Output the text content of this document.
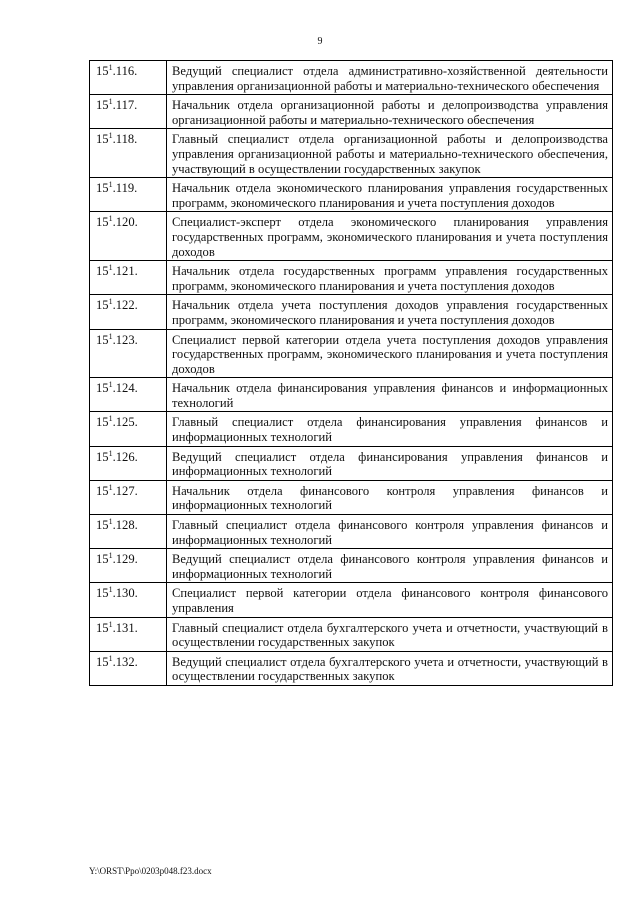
9
$15^1.116$.	Ведущий специалист отдела административно-хозяйственной деятельности управления организационной работы и материально-технического обеспечения
$15^1.117$.	Начальник отдела организационной работы и делопроизводства управления организационной работы и материально-технического обеспечения
$15^1.118$.	Главный специалист отдела организационной работы и делопроизводства управления организационной работы и материально-технического обеспечения, участвующий в осуществлении государственных закупок
$15^1.119$.	Начальник отдела экономического планирования управления государственных программ, экономического планирования и учета поступления доходов
$15^1.120$.	Специалист-эксперт отдела экономического планирования управления государственных программ, экономического планирования и учета поступления доходов
$15^1.121$.	Начальник отдела государственных программ управления государственных программ, экономического планирования и учета поступления доходов
$15^1.122$.	Начальник отдела учета поступления доходов управления государственных программ, экономического планирования и учета поступления доходов
$15^1.123$.	Специалист первой категории отдела учета поступления доходов управления государственных программ, экономического планирования и учета поступления доходов
$15^1.124$.	Начальник отдела финансирования управления финансов и информационных технологий
$15^1.125$.	Главный специалист отдела финансирования управления финансов и информационных технологий
$15^1.126$.	Ведущий специалист отдела финансирования управления финансов и информационных технологий
$15^1.127$.	Начальник отдела финансового контроля управления финансов и информационных технологий
$15^1.128$.	Главный специалист отдела финансового контроля управления финансов и информационных технологий
$15^1.129$.	Ведущий специалист отдела финансового контроля управления финансов и информационных технологий
$15^1.130$.	Специалист первой категории отдела финансового контроля финансового управления
$15^1.131$.	Главный специалист отдела бухгалтерского учета и отчетности, участвующий в осуществлении государственных закупок
$15^1.132$.	Ведущий специалист отдела бухгалтерского учета и отчетности, участвующий в осуществлении государственных закупок
Y:\ORST\Ppo\0203p048.f23.docx
